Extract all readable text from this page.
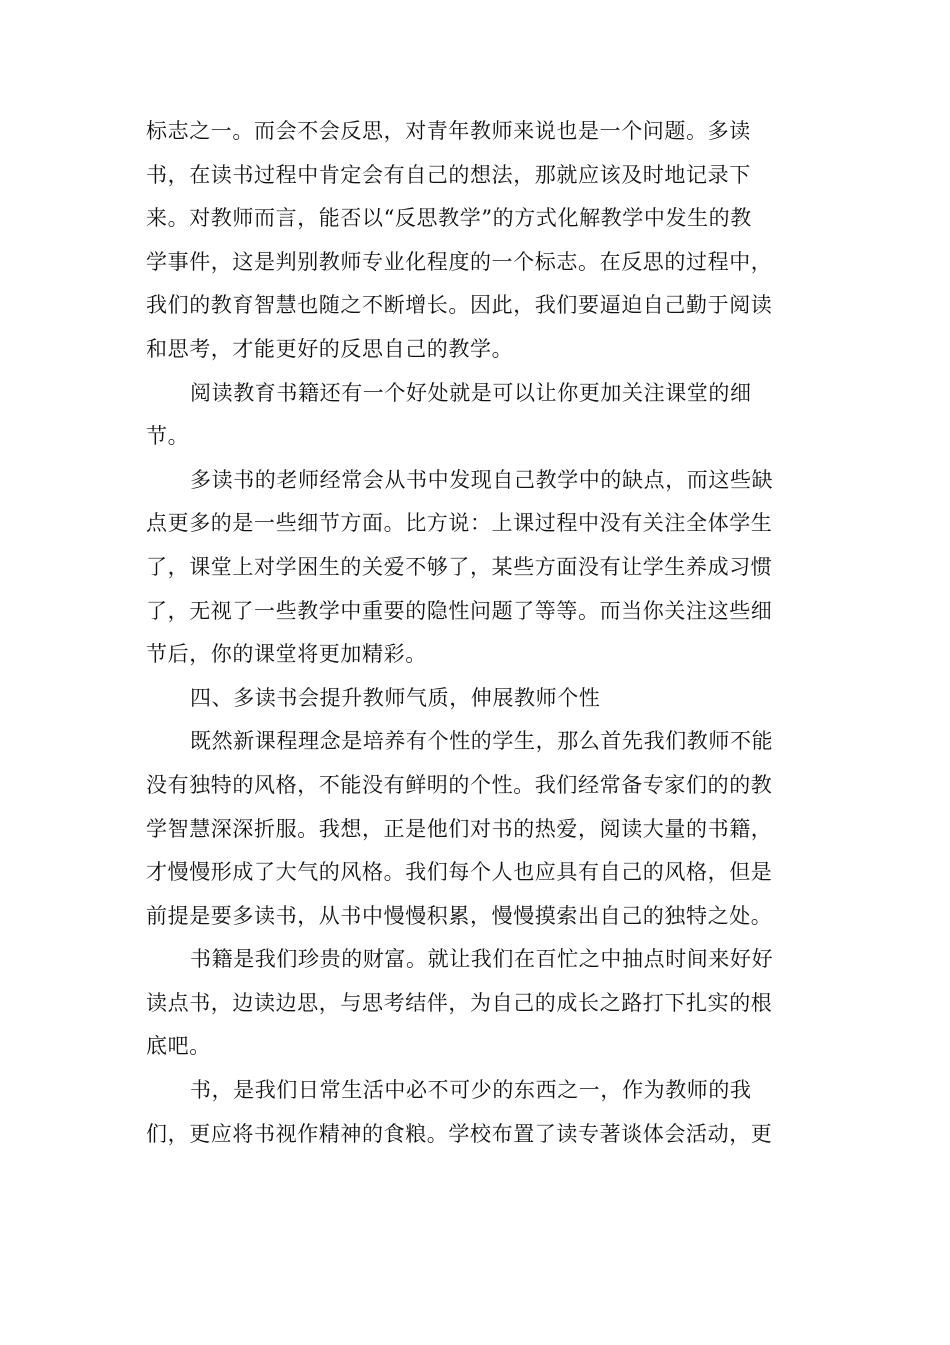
标志之一。而会不会反思，对青年教师来说也是一个问题。多读
书，在读书过程中肯定会有自己的想法，那就应该及时地记录下
来。对教师而言，能否以“反思教学”的方式化解教学中发生的教
学事件，这是判别教师专业化程度的一个标志。在反思的过程中，
我们的教育智慧也随之不断增长。因此，我们要逼迫自己勤于阅读
和思考，才能更好的反思自己的教学。
阅读教育书籍还有一个好处就是可以让你更加关注课堂的细
节。
多读书的老师经常会从书中发现自己教学中的缺点，而这些缺
点更多的是一些细节方面。比方说：上课过程中没有关注全体学生
了，课堂上对学困生的关爱不够了，某些方面没有让学生养成习惯
了，无视了一些教学中重要的隐性问题了等等。而当你关注这些细
节后，你的课堂将更加精彩。
四、多读书会提升教师气质，伸展教师个性
既然新课程理念是培养有个性的学生，那么首先我们教师不能
没有独特的风格，不能没有鲜明的个性。我们经常备专家们的的教
学智慧深深折服。我想，正是他们对书的热爱，阅读大量的书籍，
才慢慢形成了大气的风格。我们每个人也应具有自己的风格，但是
前提是要多读书，从书中慢慢积累，慢慢摸索出自己的独特之处。
书籍是我们珍贵的财富。就让我们在百忙之中抽点时间来好好
读点书，边读边思，与思考结伴，为自己的成长之路打下扎实的根
底吧。
书，是我们日常生活中必不可少的东西之一，作为教师的我
们，更应将书视作精神的食粮。学校布置了读专著谈体会活动，更
